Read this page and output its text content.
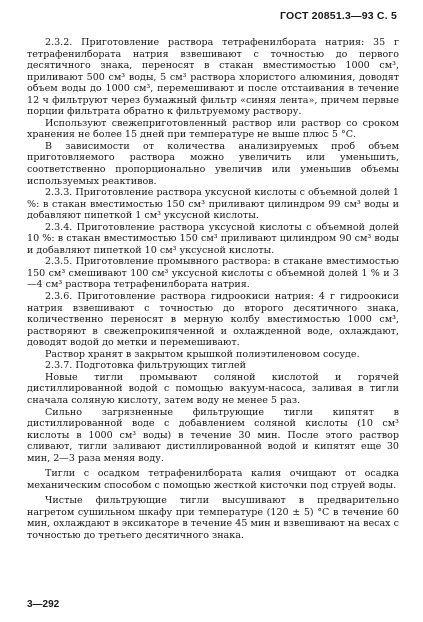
ГОСТ 20851.3—93 С. 5

2.3.2. Приготовление раствора тетрафенилбората натрия: 35 г тетрафенилбората натрия взвешивают с точностью до первого десятичного знака, переносят в стакан вместимостью 1000 см³, приливают 500 см³ воды, 5 см³ раствора хлористого алюминия, доводят объем воды до 1000 см³, перемешивают и после отстаивания в течение 12 ч фильтруют через бумажный фильтр «синяя лента», причем первые порции фильтрата обратно к фильтруемому раствору.

Используют свежеприготовленный раствор или раствор со сроком хранения не более 15 дней при температуре не выше плюс 5 °С.

В зависимости от количества анализируемых проб объем приготовляемого раствора можно увеличить или уменьшить, соответственно пропорционально увеличив или уменьшив объемы используемых реактивов.

2.3.3. Приготовление раствора уксусной кислоты с объемной долей 1 %: в стакан вместимостью 150 см³ приливают цилиндром 99 см³ воды и добавляют пипеткой 1 см³ уксусной кислоты.

2.3.4. Приготовление раствора уксусной кислоты с объемной долей 10 %: в стакан вместимостью 150 см³ приливают цилиндром 90 см³ воды и добавляют пипеткой 10 см³ уксусной кислоты.

2.3.5. Приготовление промывного раствора: в стакане вместимостью 150 см³ смешивают 100 см³ уксусной кислоты с объемной долей 1 % и 3—4 см³ раствора тетрафенилбората натрия.

2.3.6. Приготовление раствора гидроокиси натрия: 4 г гидроокиси натрия взвешивают с точностью до второго десятичного знака, количественно переносят в мерную колбу вместимостью 1000 см³, растворяют в свежепрокипяченной и охлажденной воде, охлаждают, доводят водой до метки и перемешивают.

Раствор хранят в закрытом крышкой полиэтиленовом сосуде.

2.3.7. Подготовка фильтрующих тиглей

Новые тигли промывают соляной кислотой и горячей дистиллированной водой с помощью вакуум-насоса, заливая в тигли сначала соляную кислоту, затем воду не менее 5 раз.

Сильно загрязненные фильтрующие тигли кипятят в дистиллированной воде с добавлением соляной кислоты (10 см³ кислоты в 1000 см³ воды) в течение 30 мин. После этого раствор сливают, тигли заливают дистиллированной водой и кипятят еще 30 мин, 2—3 раза меняя воду.

Тигли с осадком тетрафенилбората калия очищают от осадка механическим способом с помощью жесткой кисточки под струей воды.

Чистые фильтрующие тигли высушивают в предварительно нагретом сушильном шкафу при температуре (120 ± 5) °С в течение 60 мин, охлаждают в эксикаторе в течение 45 мин и взвешивают на весах с точностью до третьего десятичного знака.

3—292
